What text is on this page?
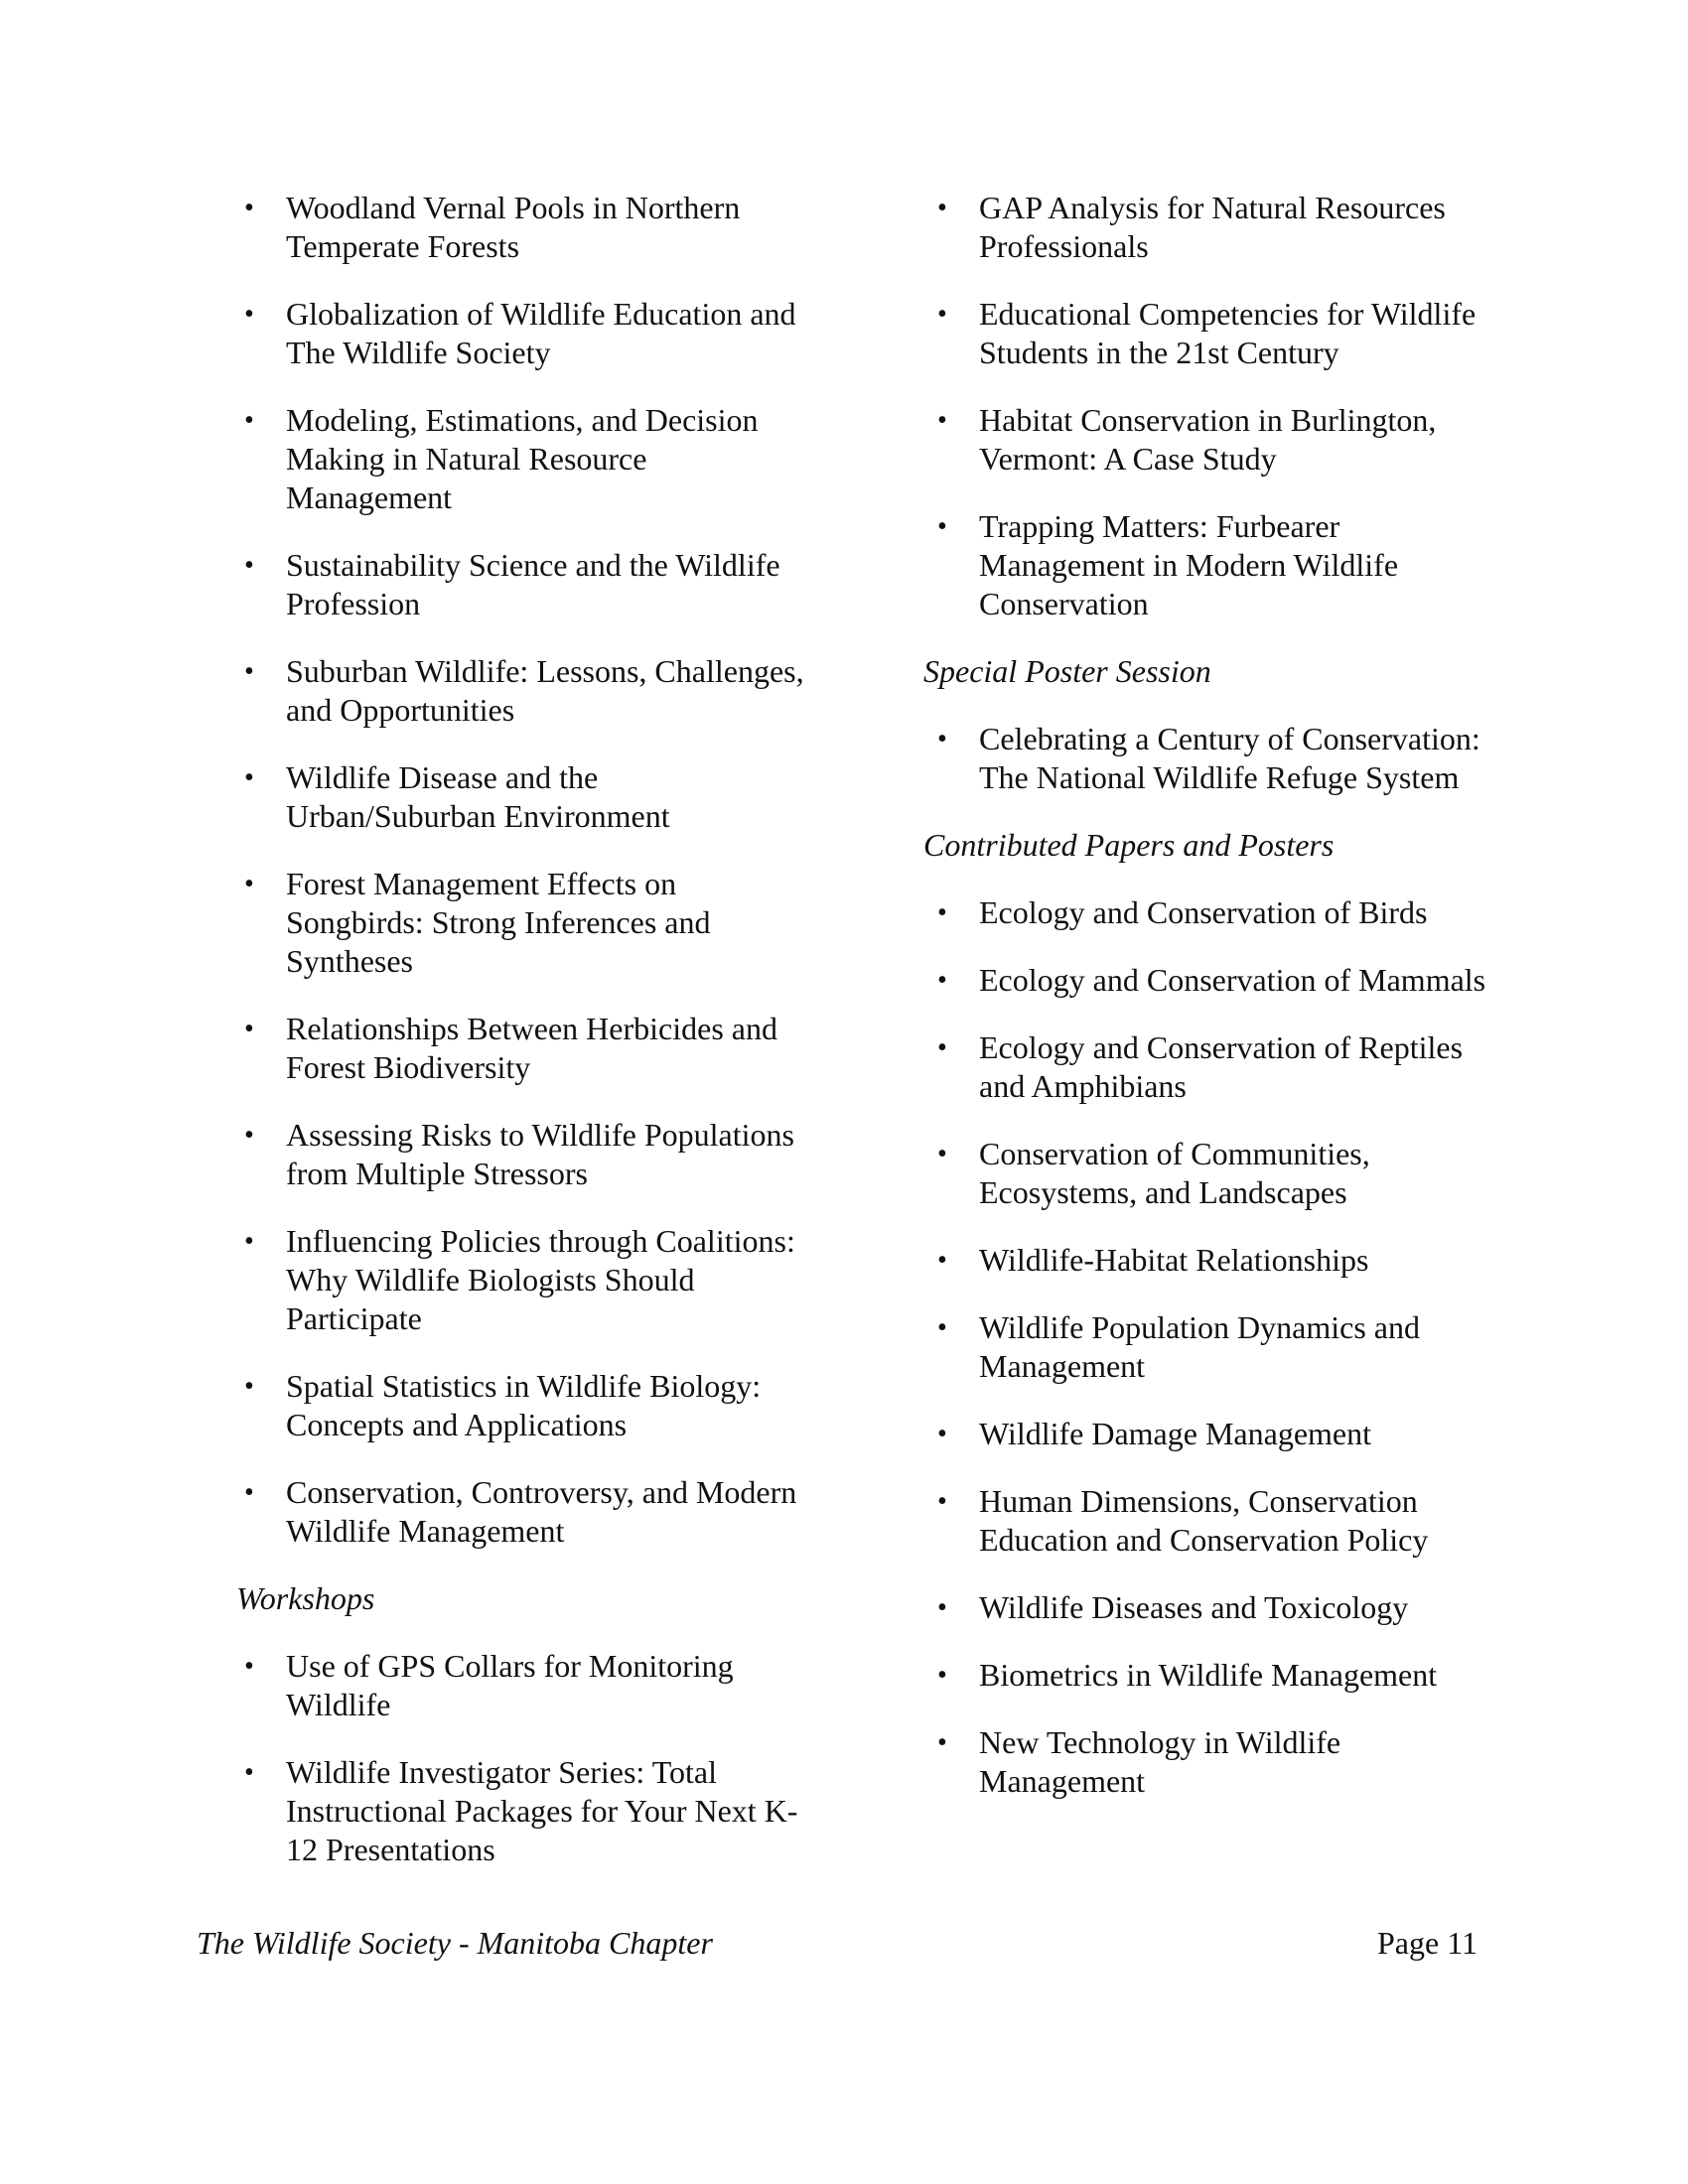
• Woodland Vernal Pools in Northern Temperate Forests
• Globalization of Wildlife Education and The Wildlife Society
• Modeling, Estimations, and Decision Making in Natural Resource Management
• Sustainability Science and the Wildlife Profession
• Suburban Wildlife: Lessons, Challenges, and Opportunities
• Wildlife Disease and the Urban/Suburban Environment
• Forest Management Effects on Songbirds: Strong Inferences and Syntheses
• Relationships Between Herbicides and Forest Biodiversity
• Assessing Risks to Wildlife Populations from Multiple Stressors
• Influencing Policies through Coalitions: Why Wildlife Biologists Should Participate
• Spatial Statistics in Wildlife Biology: Concepts and Applications
• Conservation, Controversy, and Modern Wildlife Management
Workshops
• Use of GPS Collars for Monitoring Wildlife
• Wildlife Investigator Series: Total Instructional Packages for Your Next K-12 Presentations
• GAP Analysis for Natural Resources Professionals
• Educational Competencies for Wildlife Students in the 21st Century
• Habitat Conservation in Burlington, Vermont: A Case Study
• Trapping Matters: Furbearer Management in Modern Wildlife Conservation
Special Poster Session
• Celebrating a Century of Conservation: The National Wildlife Refuge System
Contributed Papers and Posters
• Ecology and Conservation of Birds
• Ecology and Conservation of Mammals
• Ecology and Conservation of Reptiles and Amphibians
• Conservation of Communities, Ecosystems, and Landscapes
• Wildlife-Habitat Relationships
• Wildlife Population Dynamics and Management
• Wildlife Damage Management
• Human Dimensions, Conservation Education and Conservation Policy
• Wildlife Diseases and Toxicology
• Biometrics in Wildlife Management
• New Technology in Wildlife Management
The Wildlife Society - Manitoba Chapter	Page 11
